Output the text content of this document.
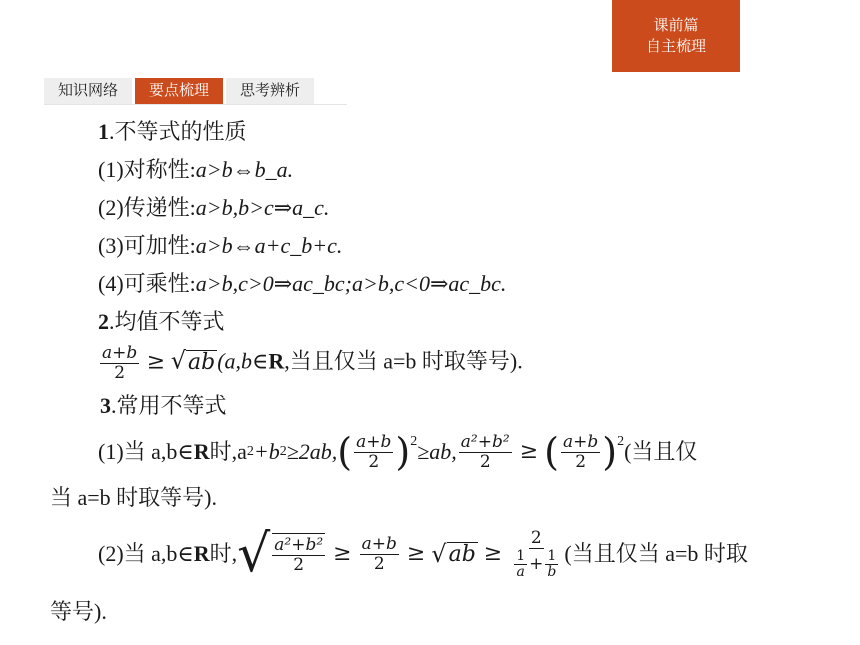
课前篇
自主梳理
知识网络	要点梳理	思考辨析
1.不等式的性质
(1)对称性:a>b⇔b_a.
(2)传递性:a>b,b>c⇒a_c.
(3)可加性:a>b⇔a+c_b+c.
(4)可乘性:a>b,c>0⇒ac_bc;a>b,c<0⇒ac_bc.
2.均值不等式
$\frac{a+b}{2}$ ≥ √ab(a,b∈R,当且仅当 a=b 时取等号).
3.常用不等式
(1)当 a,b∈ R 时,a 2 +b 2 ≥2ab, ( $\frac{a+b}{2} )^2 \ge ab$, $\frac{\text{a²+b²}}{2}$ ≥ ( $\frac{a+b}{2} )^2$ (当且仅
当 a=b 时取等号).
(2)当 a,b∈ R 时, √ $\frac{\text{a²+b²}}{2} \ge \frac{a+b}{2}$ ≥ √ ab ≥ $\frac{2}{\frac{1}{a} + \frac{1}{b}}$ (当且仅当 a=b 时取
等号).
